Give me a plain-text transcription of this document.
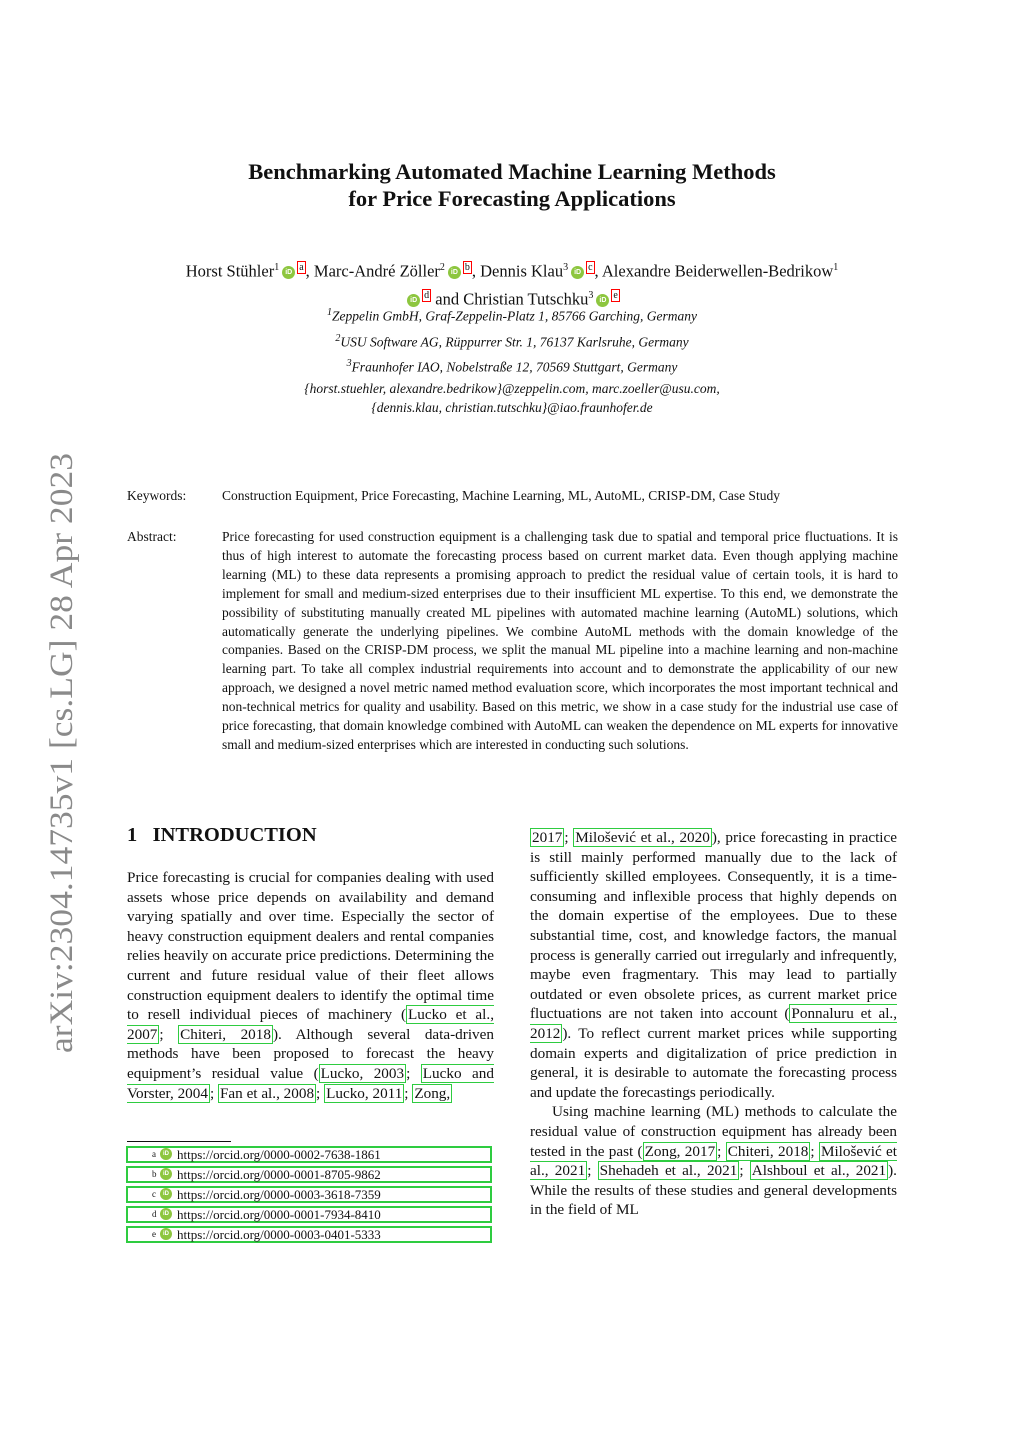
arXiv:2304.14735v1 [cs.LG] 28 Apr 2023
Benchmarking Automated Machine Learning Methods
for Price Forecasting Applications
Horst Stühler$^1$ iD $^a$ , Marc-André Zöller$^2$ iD $^b$ , Dennis Klau$^3$ iD $^c$ , Alexandre Beiderwellen-Bedrikow$^1$
iD $^d$ and Christian Tutschku$^3$ iD $^e$
$^1$Zeppelin GmbH, Graf-Zeppelin-Platz 1, 85766 Garching, Germany
$^2$USU Software AG, Rüppurrer Str. 1, 76137 Karlsruhe, Germany
$^3$Fraunhofer IAO, Nobelstraße 12, 70569 Stuttgart, Germany
{horst.stuehler, alexandre.bedrikow}@zeppelin.com, marc.zoeller@usu.com,
{dennis.klau, christian.tutschku}@iao.fraunhofer.de
Keywords:	Construction Equipment, Price Forecasting, Machine Learning, ML, AutoML, CRISP-DM, Case Study
Abstract:	Price forecasting for used construction equipment is a challenging task due to spatial and temporal price fluctuations. It is thus of high interest to automate the forecasting process based on current market data. Even though applying machine learning (ML) to these data represents a promising approach to predict the residual value of certain tools, it is hard to implement for small and medium-sized enterprises due to their insufficient ML expertise. To this end, we demonstrate the possibility of substituting manually created ML pipelines with automated machine learning (AutoML) solutions, which automatically generate the underlying pipelines. We combine AutoML methods with the domain knowledge of the companies. Based on the CRISP-DM process, we split the manual ML pipeline into a machine learning and non-machine learning part. To take all complex industrial requirements into account and to demonstrate the applicability of our new approach, we designed a novel metric named method evaluation score, which incorporates the most important technical and non-technical metrics for quality and usability. Based on this metric, we show in a case study for the industrial use case of price forecasting, that domain knowledge combined with AutoML can weaken the dependence on ML experts for innovative small and medium-sized enterprises which are interested in conducting such solutions.
1 INTRODUCTION

Price forecasting is crucial for companies dealing with used assets whose price depends on availability and demand varying spatially and over time. Especially the sector of heavy construction equipment dealers and rental companies relies heavily on accurate price predictions. Determining the current and future residual value of their fleet allows construction equipment dealers to identify the optimal time to resell individual pieces of machinery ( Lucko et al., 2007 ; Chiteri, 2018 ). Although several data-driven methods have been proposed to forecast the heavy equipment’s residual value ( Lucko, 2003 ; Lucko and Vorster, 2004 ; Fan et al., 2008 ; Lucko, 2011 ; Zong,

a	iD https://orcid.org/0000-0002-7638-1861
b	iD https://orcid.org/0000-0001-8705-9862
c	iD https://orcid.org/0000-0003-3618-7359
d	iD https://orcid.org/0000-0001-7934-8410
e	iD https://orcid.org/0000-0003-0401-5333

2017 ; Milošević et al., 2020 ), price forecasting in practice is still mainly performed manually due to the lack of sufficiently skilled employees. Consequently, it is a time-consuming and inflexible process that highly depends on the domain expertise of the employees. Due to these substantial time, cost, and knowledge factors, the manual process is generally carried out irregularly and infrequently, maybe even fragmentary. This may lead to partially outdated or even obsolete prices, as current market price fluctuations are not taken into account ( Ponnaluru et al., 2012 ). To reflect current market prices while supporting domain experts and digitalization of price prediction in general, it is desirable to automate the forecasting process and update the forecastings periodically.

Using machine learning (ML) methods to calculate the residual value of construction equipment has already been tested in the past ( Zong, 2017 ; Chiteri, 2018 ; Milošević et al., 2021 ; Shehadeh et al., 2021 ; Alshboul et al., 2021 ). While the results of these studies and general developments in the field of ML
